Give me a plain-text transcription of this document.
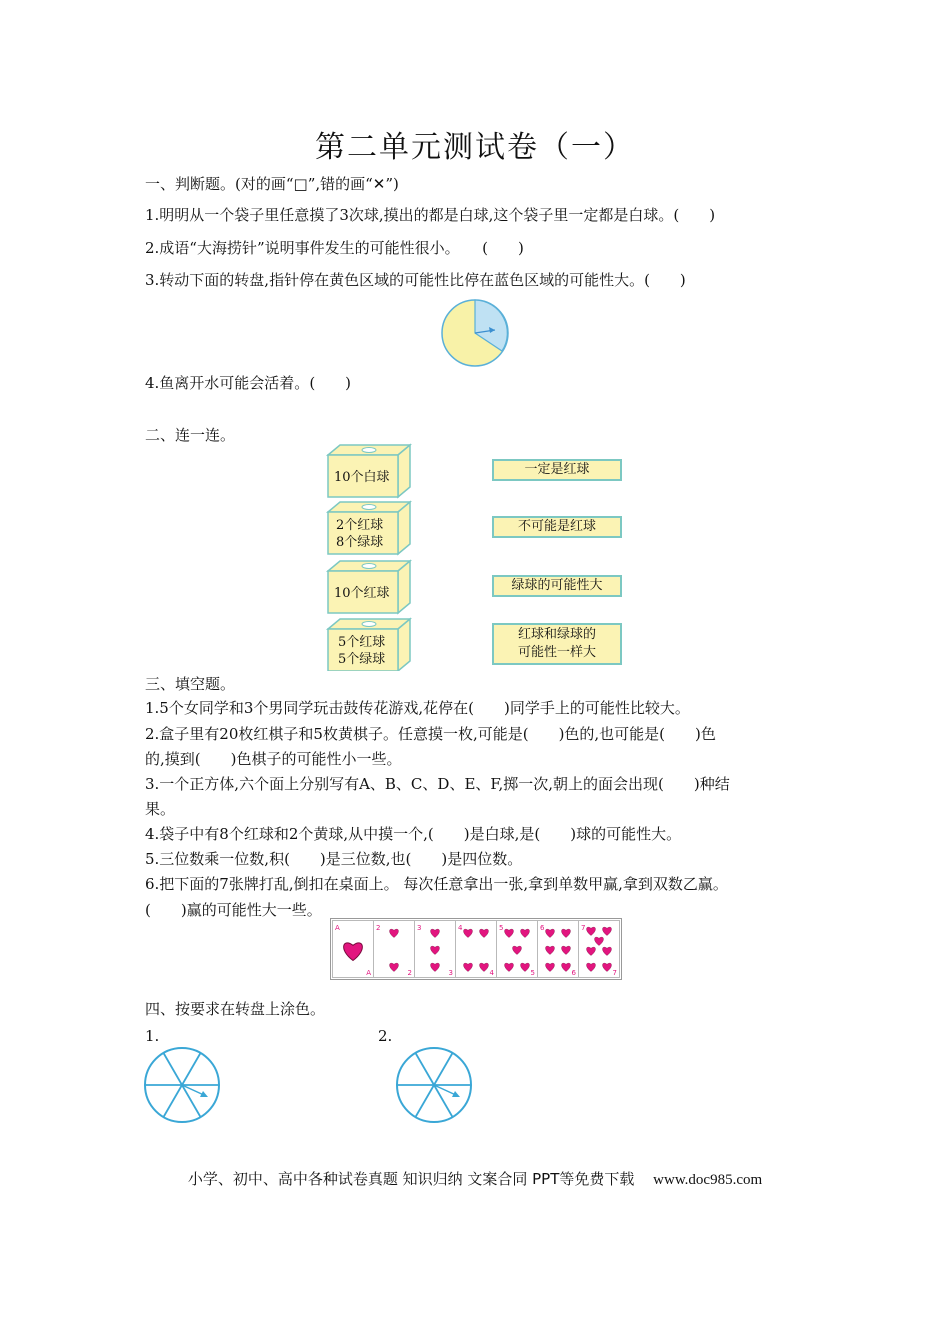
第二单元测试卷（一）
一、判断题。(对的画“□”,错的画“✕”)
1.明明从一个袋子里任意摸了3次球,摸出的都是白球,这个袋子里一定都是白球。(　　)
2.成语“大海捞针”说明事件发生的可能性很小。　　(　　)
3.转动下面的转盘,指针停在黄色区域的可能性比停在蓝色区域的可能性大。(　　)
4.鱼离开水可能会活着。(　　)
二、连一连。
10个白球
2个红球
8个绿球
10个红球
5个红球
5个绿球
一定是红球
不可能是红球
绿球的可能性大
红球和绿球的
可能性一样大
三、填空题。
1.5个女同学和3个男同学玩击鼓传花游戏,花停在(　　)同学手上的可能性比较大。
2.盒子里有20枚红棋子和5枚黄棋子。任意摸一枚,可能是(　　)色的,也可能是(　　)色
的,摸到(　　)色棋子的可能性小一些。
3.一个正方体,六个面上分别写有A、B、C、D、E、F,掷一次,朝上的面会出现(　　)种结
果。
4.袋子中有8个红球和2个黄球,从中摸一个,(　　)是白球,是(　　)球的可能性大。
5.三位数乘一位数,积(　　)是三位数,也(　　)是四位数。
6.把下面的7张牌打乱,倒扣在桌面上。 每次任意拿出一张,拿到单数甲赢,拿到双数乙赢。
(　　)赢的可能性大一些。
A
A
2
2
3
3
4
4
5
5
6
6
7
7
四、按要求在转盘上涂色。
1.	2.
小学、初中、高中各种试卷真题 知识归纳 文案合同 PPT等免费下载 www.doc985.com
